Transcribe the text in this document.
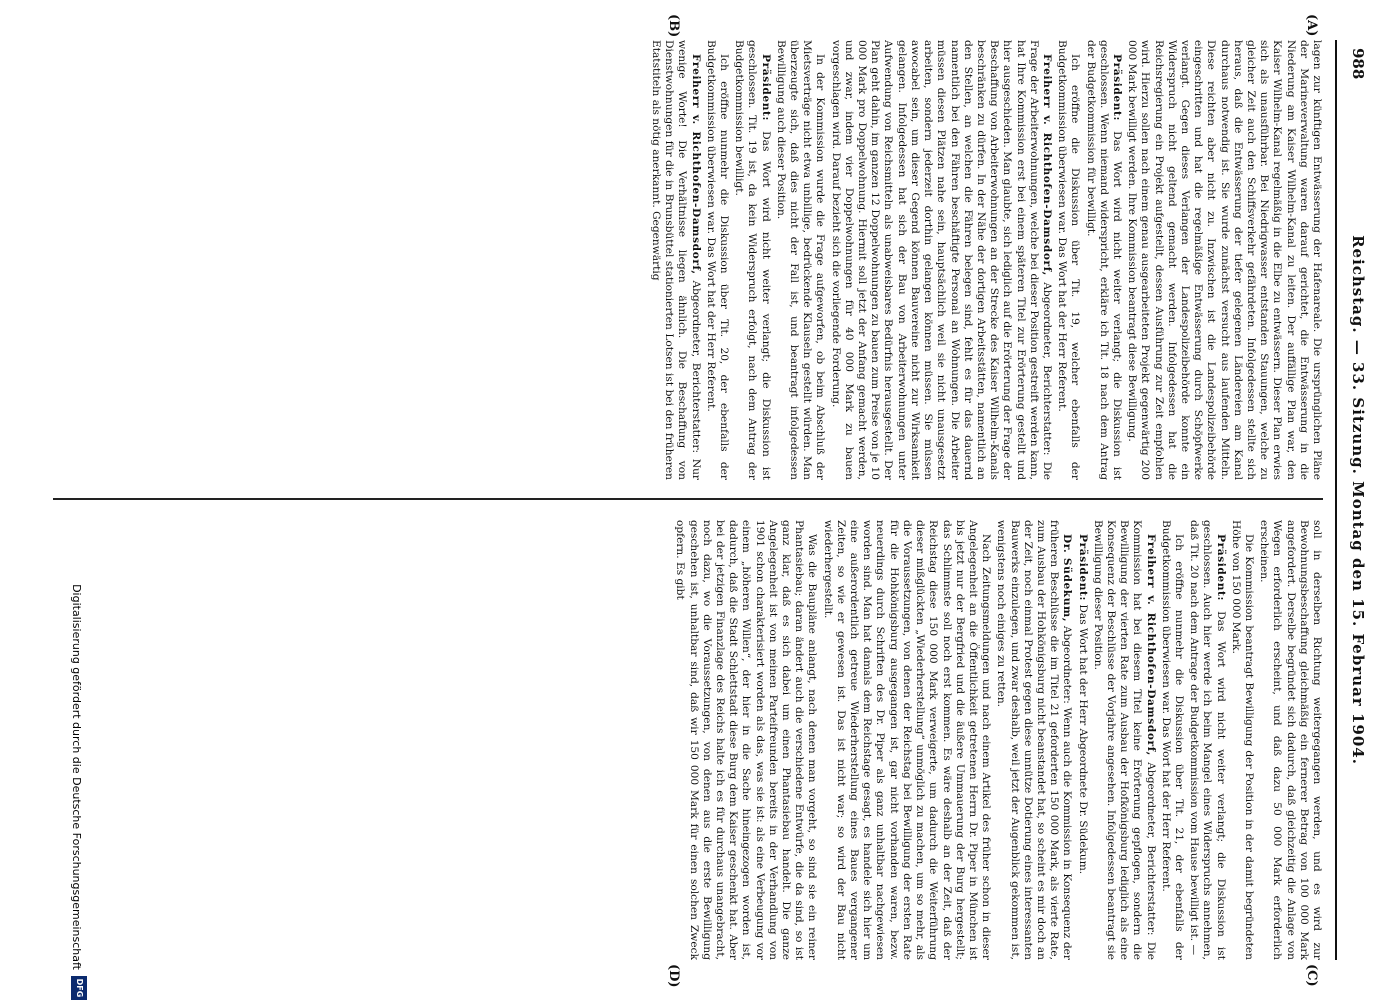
988
Reichstag. — 33. Sitzung. Montag den 15. Februar 1904.
(A)
(B)
(C)
(D)

lagen zur künftigen Entwässerung der Hafenareale. Die ursprünglichen Pläne der Marineverwaltung waren darauf gerichtet, die Entwässerung in die Niederung am Kaiser Wilhelm-Kanal zu leiten. Der auffällige Plan war, den Kaiser Wilhelm-Kanal regelmäßig in die Elbe zu entwässern. Dieser Plan erwies sich als unausführbar. Bei Niedrigwasser entstanden Stauungen, welche zu gleicher Zeit auch den Schiffsverkehr gefährdeten. Infolgedessen stellte sich heraus, daß die Entwässerung der tiefer gelegenen Ländereien am Kanal durchaus notwendig ist. Sie wurde zunächst versucht aus laufenden Mitteln. Diese reichten aber nicht zu. Inzwischen ist die Landespolizeibehörde eingeschritten und hat die regelmäßige Entwässerung durch Schöpfwerke verlangt. Gegen dieses Verlangen der Landespolizeibehörde konnte ein Widerspruch nicht geltend gemacht werden. Infolgedessen hat die Reichsregierung ein Projekt aufgestellt, dessen Ausführung zur Zeit empfohlen wird. Hierzu sollen nach einem genau ausgearbeiteten Projekt gegenwärtig 200 000 Mark bewilligt werden. Ihre Kommission beantragt diese Bewilligung.

Präsident: Das Wort wird nicht weiter verlangt; die Diskussion ist geschlossen. Wenn niemand widerspricht, erkläre ich Tit. 18 nach dem Antrag der Budgetkommission für bewilligt.

Ich eröffne die Diskussion über Tit. 19, welcher ebenfalls der Budgetkommission überwiesen war. Das Wort hat der Herr Referent.

Freiherr v. Richthofen-Damsdorf, Abgeordneter, Berichterstatter: Die Frage der Arbeiterwohnungen, welche bei dieser Position gestreift werden kann, hat Ihre Kommission erst bei einem späteren Titel zur Erörterung gestellt und hier ausgeschieden. Man glaubte, sich lediglich auf die Erörterung der Frage der Beschaffung von Arbeiterwohnungen an der Strecke des Kaiser Wilhelm-Kanals beschränken zu dürfen. In der Nähe der dortigen Arbeitsstätten, namentlich an den Stellen, an welchen die Fähren belegen sind, fehlt es für das dauernd namentlich bei den Fähren beschäftigte Personal an Wohnungen. Die Arbeiter müssen diesen Plätzen nahe sein, hauptsächlich weil sie nicht unausgesetzt arbeiten, sondern jederzeit dorthin gelangen können müssen. Sie müssen awocabel sein, um dieser Gegend können Bauvereine nicht zur Wirksamkeit gelangen. Infolgedessen hat sich der Bau von Arbeiterwohnungen unter Aufwendung von Reichsmitteln als unabweisbares Bedürfnis herausgestellt. Der Plan geht dahin, im ganzen 12 Doppelwohnungen zu bauen zum Preise von je 10 000 Mark pro Doppelwohnung. Hiermit soll jetzt der Anfang gemacht werden, und zwar, indem vier Doppelwohnungen für 40 000 Mark zu bauen vorgeschlagen wird. Darauf bezieht sich die vorliegende Forderung.

In der Kommission wurde die Frage aufgeworfen, ob beim Abschluß der Mietsverträge nicht etwa unbillige, bedrückende Klauseln gestellt würden. Man überzeugte sich, daß dies nicht der Fall ist, und beantragt infolgedessen Bewilligung auch dieser Position.

Präsident: Das Wort wird nicht weiter verlangt; die Diskussion ist geschlossen. Tit. 19 ist, da kein Widerspruch erfolgt, nach dem Antrag der Budgetkommission bewilligt.

Ich eröffne nunmehr die Diskussion über Tit. 20, der ebenfalls der Budgetkommission überwiesen war. Das Wort hat der Herr Referent.

Freiherr v. Richthofen-Damsdorf, Abgeordneter, Berichterstatter: Nur wenige Worte! Die Verhältnisse liegen ähnlich. Die Beschaffung von Dienstwohnungen für die in Brunsbüttel stationierten Lotsen ist bei den früheren Etatstiteln als nötig anerkannt. Gegenwärtig

soll in derselben Richtung weitergegangen werden, und es wird zur Bewohnungsbeschaffung gleichmäßig ein fernerer Betrag von 100 000 Mark angefordert. Derselbe begründet sich dadurch, daß gleichzeitig die Anlage von Wegen erforderlich erscheint, und daß dazu 50 000 Mark erforderlich erscheinen.

Die Kommission beantragt Bewilligung der Position in der damit begründeten Höhe von 150 000 Mark.

Präsident: Das Wort wird nicht weiter verlangt; die Diskussion ist geschlossen. Auch hier werde ich beim Mangel eines Widerspruchs annehmen, daß Tit. 20 nach dem Antrage der Budgetkommission vom Hause bewilligt ist. —

Ich eröffne nunmehr die Diskussion über Tit. 21, der ebenfalls der Budgetkommission überwiesen war. Das Wort hat der Herr Referent.

Freiherr v. Richthofen-Damsdorf, Abgeordneter, Berichterstatter: Die Kommission hat bei diesem Titel keine Erörterung gepflogen, sondern die Bewilligung der vierten Rate zum Ausbau der Hofkönigsburg lediglich als eine Konsequenz der Beschlüsse der Vorjahre angesehen. Infolgedessen beantragt sie Bewilligung dieser Position.

Präsident: Das Wort hat der Herr Abgeordnete Dr. Südekum.

Dr. Südekum, Abgeordneter: Wenn auch die Kommission in Konsequenz der früheren Beschlüsse die im Titel 21 geforderten 150 000 Mark, als vierte Rate, zum Ausbau der Hohkönigsburg nicht beanstandet hat, so scheint es mir doch an der Zeit, noch einmal Protest gegen diese unnütze Dotierung eines interessanten Bauwerks einzulegen, und zwar deshalb, weil jetzt der Augenblick gekommen ist, wenigstens noch einiges zu retten.

Nach Zeitungsmeldungen und nach einem Artikel des früher schon in dieser Angelegenheit an die Öffentlichkeit getretenen Herrn Dr. Piper in München ist bis jetzt nur der Bergfried und die äußere Ummauerung der Burg hergestellt; das Schlimmste soll noch erst kommen. Es wäre deshalb an der Zeit, daß der Reichstag diese 150 000 Mark verweigerte, um dadurch die Weiterführung dieser mißglückten „Wiederherstellung“ unmöglich zu machen, um so mehr, als die Voraussetzungen, von denen der Reichstag bei Bewilligung der ersten Rate für die Hohkönigsburg ausgegangen ist, gar nicht vorhanden waren, bezw. neuerdings durch Schriften des Dr. Piper als ganz unhaltbar nachgewiesen worden sind. Man hat damals dem Reichstage gesagt, es handele sich hier um eine außerordentlich getreue Wiederherstellung eines Baues vergangener Zeiten, so wie er gewesen ist. Das ist nicht war; so wird der Bau nicht wiederhergestellt.

Was die Baupläne anlangt, nach denen man vorgeht, so sind sie ein reiner Phantasiebau; daran ändert auch die verschiedene Entwürfe, die da sind, so ist ganz klar, daß es sich dabei um einen Phantasiebau handelt. Die ganze Angelegenheit ist von meinen Parteifreunden bereits in der Verhandlung von 1901 schon charakterisiert worden als das, was sie ist: als eine Verbeugung vor einem „höheren Willen“, der hier in die Sache hineingezogen worden ist, dadurch, daß die Stadt Schlettstadt diese Burg dem Kaiser geschenkt hat. Aber bei der jetzigen Finanzlage des Reichs halte ich es für durchaus unangebracht, noch dazu, wo die Voraussetzungen, von denen aus die erste Bewilligung geschehen ist, unhaltbar sind, daß wir 150 000 Mark für einen solchen Zweck opfern. Es gibt

Digitalisierung gefördert durch die Deutsche Forschungsgemeinschaft
DFG
